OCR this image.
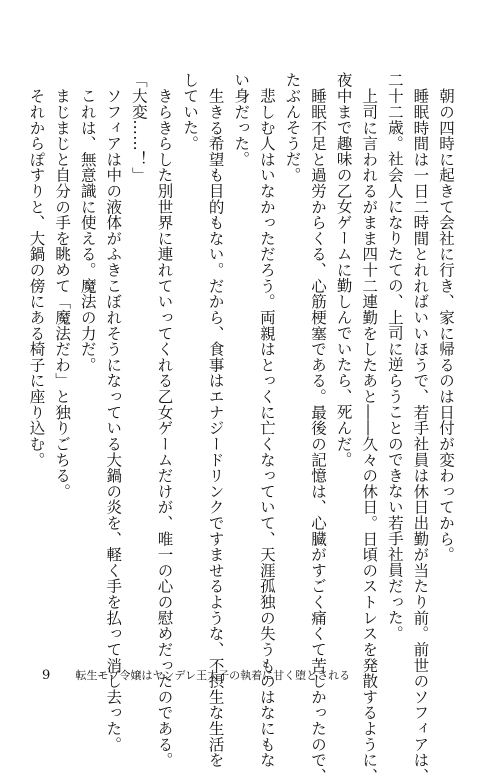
朝の四時に起きて会社に行き、家に帰るのは日付が変わってから。
睡眠時間は一日二時間とれればいいほうで、若手社員は休日出勤が当たり前。前世のソフィアは、
二十二歳。社会人になりたての、上司に逆らうことのできない若手社員だった。
上司に言われるがまま四十二連勤をしたあと――久々の休日。日頃のストレスを発散するように、
夜中まで趣味の乙女ゲームに勤しんでいたら、死んだ。
睡眠不足と過労からくる、心筋梗塞である。最後の記憶は、心臓がすごく痛くて苦しかったので、
たぶんそうだ。
悲しむ人はいなかっただろう。両親はとっくに亡くなっていて、天涯孤独の失うものはなにもな
い身だった。
生きる希望も目的もない。だから、食事はエナジードリンクですませるような、不摂生な生活を
していた。
きらきらした別世界に連れていってくれる乙女ゲームだけが、唯一の心の慰めだったのである。
「大変……！」
ソフィアは中の液体がふきこぼれそうになっている大鍋の炎を、軽く手を払って消し去った。
これは、無意識に使える。魔法の力だ。
まじまじと自分の手を眺めて「魔法だわ」と独りごちる。
それからぽすりと、大鍋の傍にある椅子に座り込む。
9 転生モブ令嬢はヤンデレ王太子の執着に甘く堕とされる
